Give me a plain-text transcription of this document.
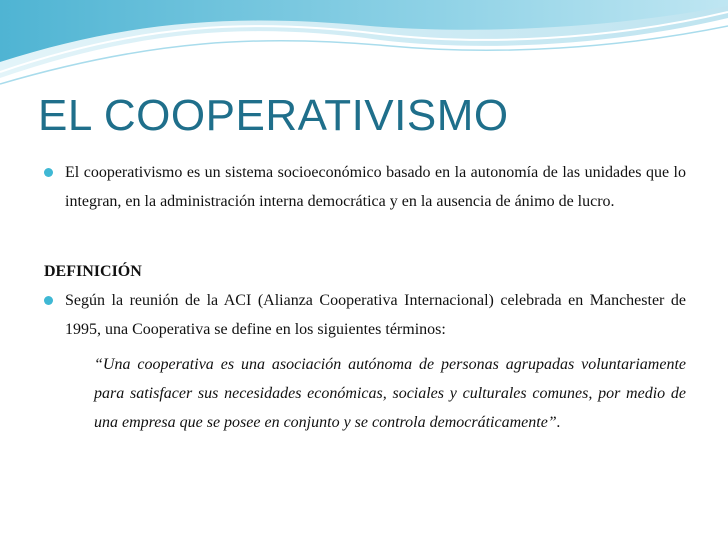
EL COOPERATIVISMO

El cooperativismo es un sistema socioeconómico basado en la autonomía de las unidades que lo integran, en la administración interna democrática y en la ausencia de ánimo de lucro.

DEFINICIÓN

Según la reunión de la ACI (Alianza Cooperativa Internacional) celebrada en Manchester de 1995, una Cooperativa se define en los siguientes términos:

“Una cooperativa es una asociación autónoma de personas agrupadas voluntariamente para satisfacer sus necesidades económicas, sociales y culturales comunes, por medio de una empresa que se posee en conjunto y se controla democráticamente”.
